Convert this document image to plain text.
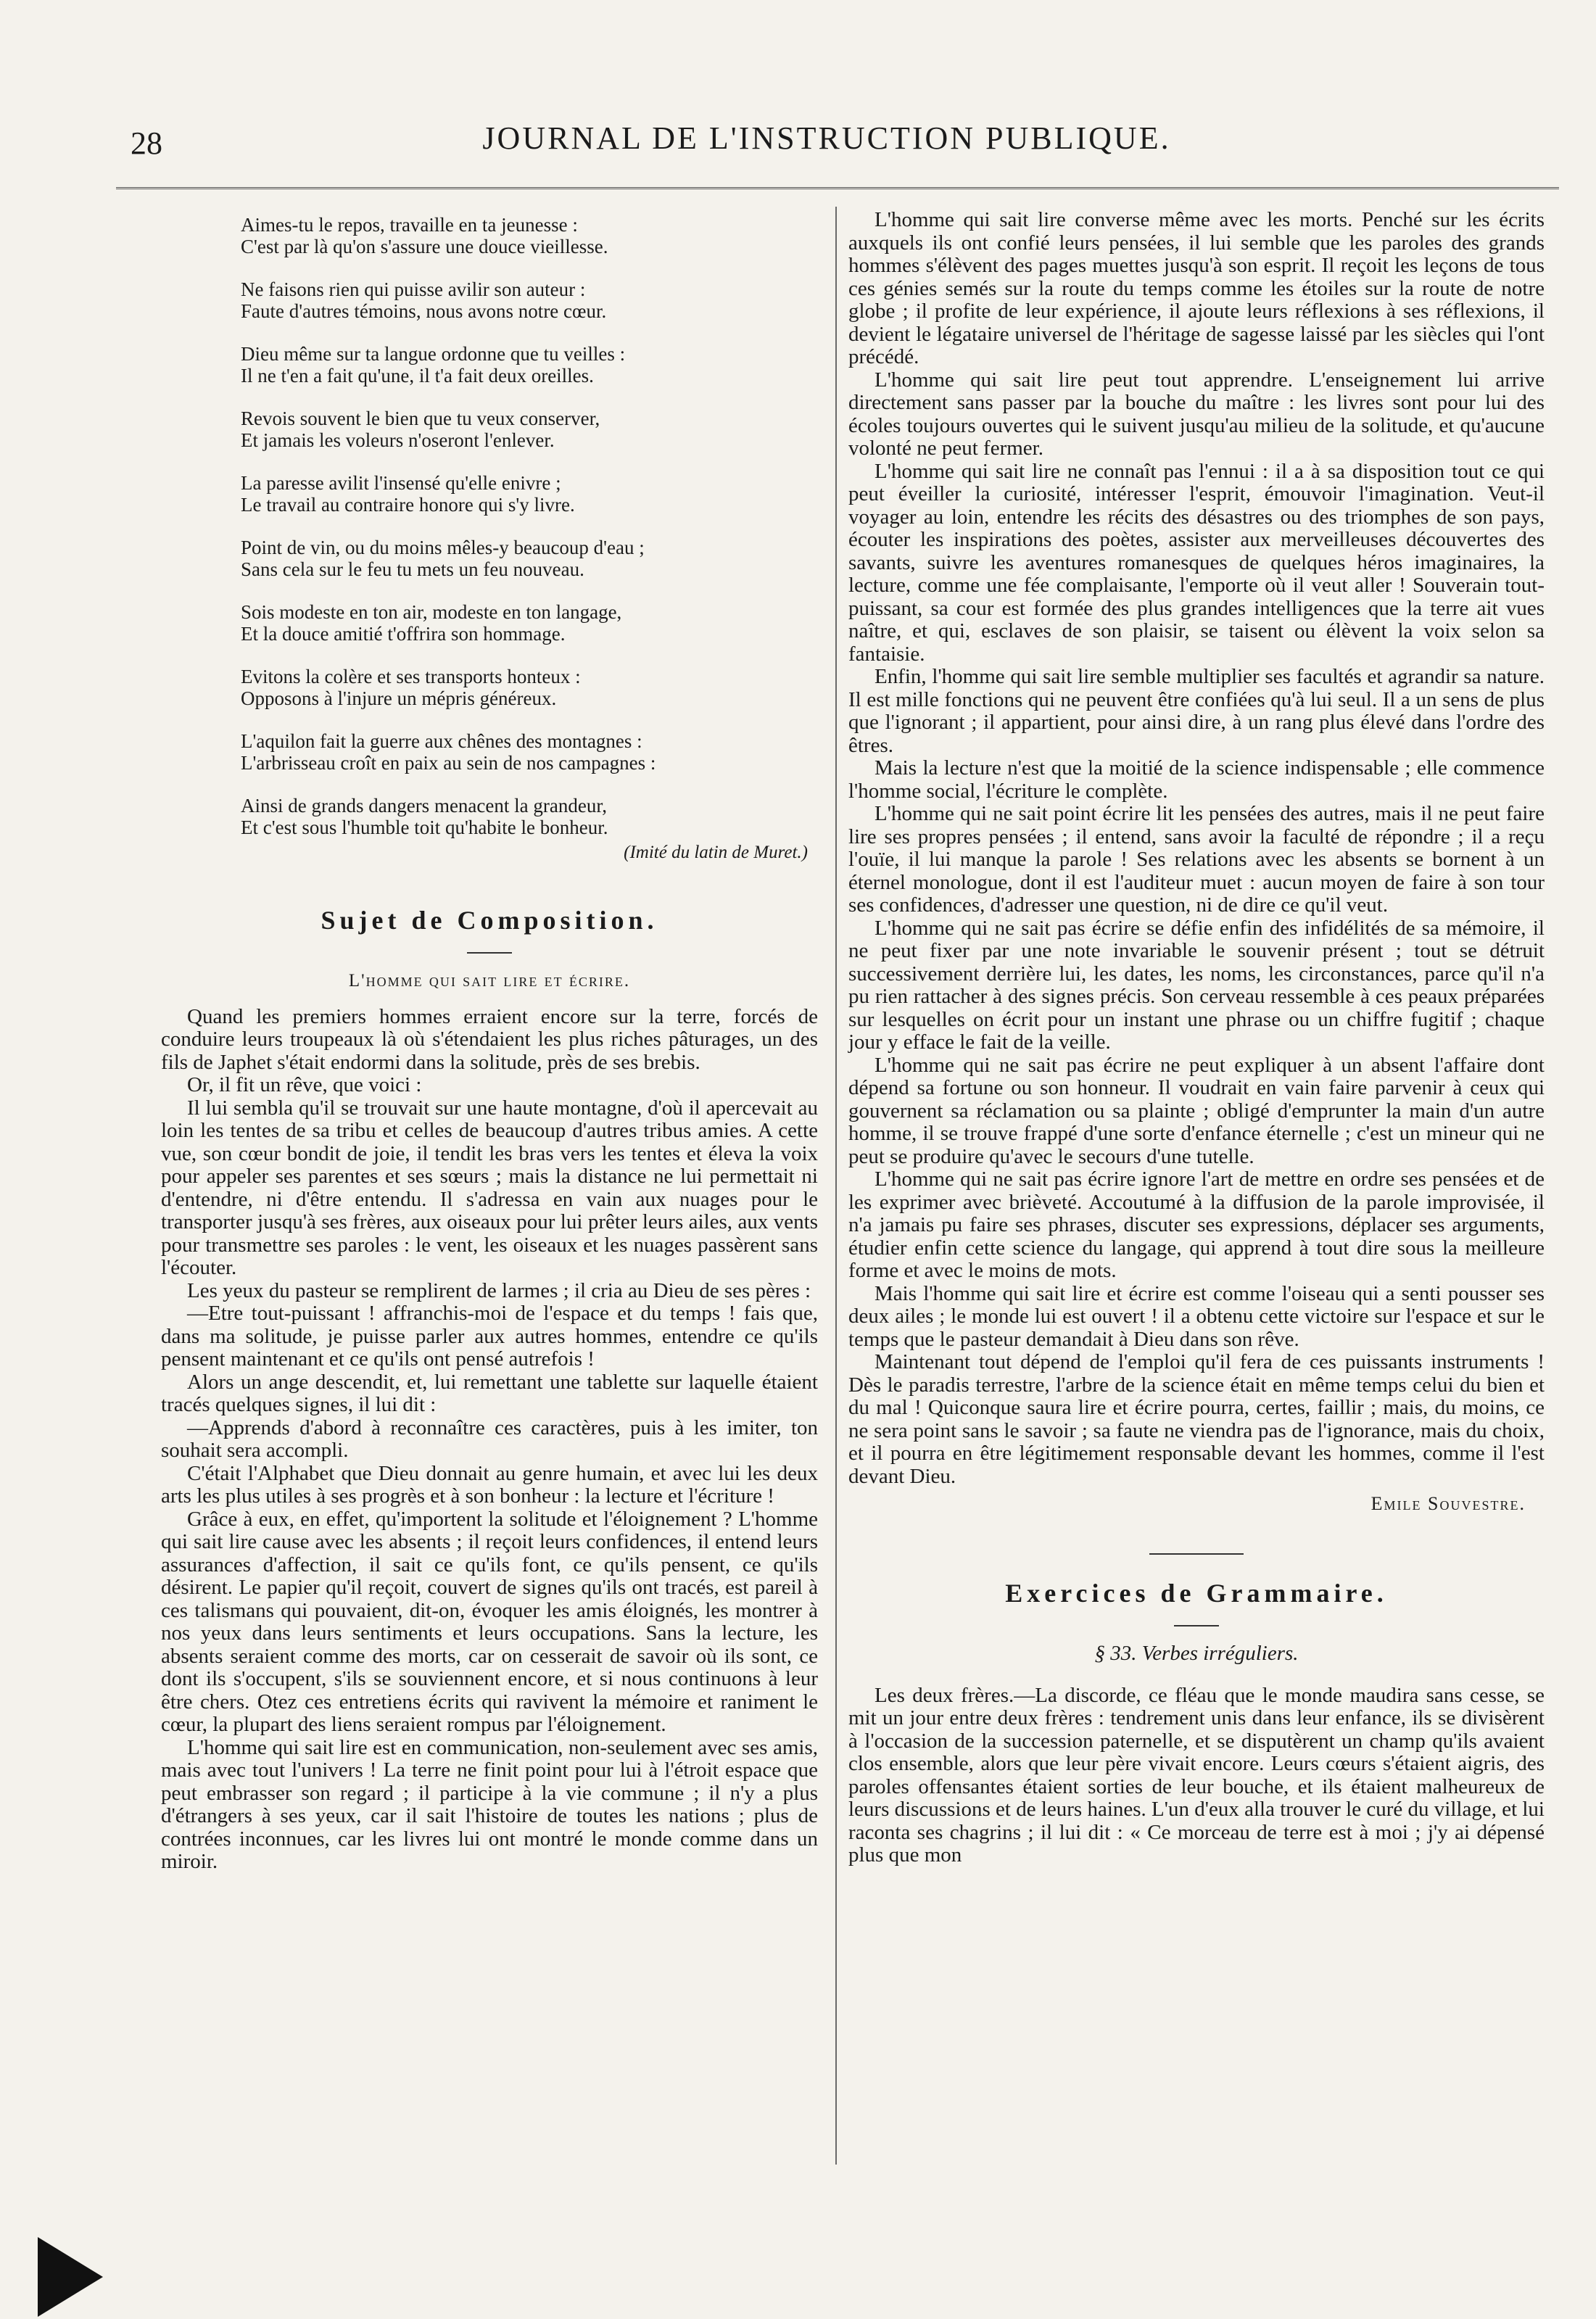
28	JOURNAL DE L'INSTRUCTION PUBLIQUE.
Aimes-tu le repos, travaille en ta jeunesse :
C'est par là qu'on s'assure une douce vieillesse.
Ne faisons rien qui puisse avilir son auteur :
Faute d'autres témoins, nous avons notre cœur.
Dieu même sur ta langue ordonne que tu veilles :
Il ne t'en a fait qu'une, il t'a fait deux oreilles.
Revois souvent le bien que tu veux conserver,
Et jamais les voleurs n'oseront l'enlever.
La paresse avilit l'insensé qu'elle enivre ;
Le travail au contraire honore qui s'y livre.
Point de vin, ou du moins mêles-y beaucoup d'eau ;
Sans cela sur le feu tu mets un feu nouveau.
Sois modeste en ton air, modeste en ton langage,
Et la douce amitié t'offrira son hommage.
Evitons la colère et ses transports honteux :
Opposons à l'injure un mépris généreux.
L'aquilon fait la guerre aux chênes des montagnes :
L'arbrisseau croît en paix au sein de nos campagnes :
Ainsi de grands dangers menacent la grandeur,
Et c'est sous l'humble toit qu'habite le bonheur.
(Imité du latin de Muret.)
Sujet de Composition.
L'homme qui sait lire et écrire.

Quand les premiers hommes erraient encore sur la terre, forcés de conduire leurs troupeaux là où s'étendaient les plus riches pâturages, un des fils de Japhet s'était endormi dans la solitude, près de ses brebis.

Or, il fit un rêve, que voici :

Il lui sembla qu'il se trouvait sur une haute montagne, d'où il apercevait au loin les tentes de sa tribu et celles de beaucoup d'autres tribus amies. A cette vue, son cœur bondit de joie, il tendit les bras vers les tentes et éleva la voix pour appeler ses parentes et ses sœurs ; mais la distance ne lui permettait ni d'entendre, ni d'être entendu. Il s'adressa en vain aux nuages pour le transporter jusqu'à ses frères, aux oiseaux pour lui prêter leurs ailes, aux vents pour transmettre ses paroles : le vent, les oiseaux et les nuages passèrent sans l'écouter.

Les yeux du pasteur se remplirent de larmes ; il cria au Dieu de ses pères :

—Etre tout-puissant ! affranchis-moi de l'espace et du temps ! fais que, dans ma solitude, je puisse parler aux autres hommes, entendre ce qu'ils pensent maintenant et ce qu'ils ont pensé autrefois !

Alors un ange descendit, et, lui remettant une tablette sur laquelle étaient tracés quelques signes, il lui dit :

—Apprends d'abord à reconnaître ces caractères, puis à les imiter, ton souhait sera accompli.

C'était l'Alphabet que Dieu donnait au genre humain, et avec lui les deux arts les plus utiles à ses progrès et à son bonheur : la lecture et l'écriture !

Grâce à eux, en effet, qu'importent la solitude et l'éloignement ? L'homme qui sait lire cause avec les absents ; il reçoit leurs confidences, il entend leurs assurances d'affection, il sait ce qu'ils font, ce qu'ils pensent, ce qu'ils désirent. Le papier qu'il reçoit, couvert de signes qu'ils ont tracés, est pareil à ces talismans qui pouvaient, dit-on, évoquer les amis éloignés, les montrer à nos yeux dans leurs sentiments et leurs occupations. Sans la lecture, les absents seraient comme des morts, car on cesserait de savoir où ils sont, ce dont ils s'occupent, s'ils se souviennent encore, et si nous continuons à leur être chers. Otez ces entretiens écrits qui ravivent la mémoire et raniment le cœur, la plupart des liens seraient rompus par l'éloignement.

L'homme qui sait lire est en communication, non-seulement avec ses amis, mais avec tout l'univers ! La terre ne finit point pour lui à l'étroit espace que peut embrasser son regard ; il participe à la vie commune ; il n'y a plus d'étrangers à ses yeux, car il sait l'histoire de toutes les nations ; plus de contrées inconnues, car les livres lui ont montré le monde comme dans un miroir.

L'homme qui sait lire converse même avec les morts. Penché sur les écrits auxquels ils ont confié leurs pensées, il lui semble que les paroles des grands hommes s'élèvent des pages muettes jusqu'à son esprit. Il reçoit les leçons de tous ces génies semés sur la route du temps comme les étoiles sur la route de notre globe ; il profite de leur expérience, il ajoute leurs réflexions à ses réflexions, il devient le légataire universel de l'héritage de sagesse laissé par les siècles qui l'ont précédé.

L'homme qui sait lire peut tout apprendre. L'enseignement lui arrive directement sans passer par la bouche du maître : les livres sont pour lui des écoles toujours ouvertes qui le suivent jusqu'au milieu de la solitude, et qu'aucune volonté ne peut fermer.

L'homme qui sait lire ne connaît pas l'ennui : il a à sa disposition tout ce qui peut éveiller la curiosité, intéresser l'esprit, émouvoir l'imagination. Veut-il voyager au loin, entendre les récits des désastres ou des triomphes de son pays, écouter les inspirations des poètes, assister aux merveilleuses découvertes des savants, suivre les aventures romanesques de quelques héros imaginaires, la lecture, comme une fée complaisante, l'emporte où il veut aller ! Souverain tout-puissant, sa cour est formée des plus grandes intelligences que la terre ait vues naître, et qui, esclaves de son plaisir, se taisent ou élèvent la voix selon sa fantaisie.

Enfin, l'homme qui sait lire semble multiplier ses facultés et agrandir sa nature. Il est mille fonctions qui ne peuvent être confiées qu'à lui seul. Il a un sens de plus que l'ignorant ; il appartient, pour ainsi dire, à un rang plus élevé dans l'ordre des êtres.

Mais la lecture n'est que la moitié de la science indispensable ; elle commence l'homme social, l'écriture le complète.

L'homme qui ne sait point écrire lit les pensées des autres, mais il ne peut faire lire ses propres pensées ; il entend, sans avoir la faculté de répondre ; il a reçu l'ouïe, il lui manque la parole ! Ses relations avec les absents se bornent à un éternel monologue, dont il est l'auditeur muet : aucun moyen de faire à son tour ses confidences, d'adresser une question, ni de dire ce qu'il veut.

L'homme qui ne sait pas écrire se défie enfin des infidélités de sa mémoire, il ne peut fixer par une note invariable le souvenir présent ; tout se détruit successivement derrière lui, les dates, les noms, les circonstances, parce qu'il n'a pu rien rattacher à des signes précis. Son cerveau ressemble à ces peaux préparées sur lesquelles on écrit pour un instant une phrase ou un chiffre fugitif ; chaque jour y efface le fait de la veille.

L'homme qui ne sait pas écrire ne peut expliquer à un absent l'affaire dont dépend sa fortune ou son honneur. Il voudrait en vain faire parvenir à ceux qui gouvernent sa réclamation ou sa plainte ; obligé d'emprunter la main d'un autre homme, il se trouve frappé d'une sorte d'enfance éternelle ; c'est un mineur qui ne peut se produire qu'avec le secours d'une tutelle.

L'homme qui ne sait pas écrire ignore l'art de mettre en ordre ses pensées et de les exprimer avec brièveté. Accoutumé à la diffusion de la parole improvisée, il n'a jamais pu faire ses phrases, discuter ses expressions, déplacer ses arguments, étudier enfin cette science du langage, qui apprend à tout dire sous la meilleure forme et avec le moins de mots.

Mais l'homme qui sait lire et écrire est comme l'oiseau qui a senti pousser ses deux ailes ; le monde lui est ouvert ! il a obtenu cette victoire sur l'espace et sur le temps que le pasteur demandait à Dieu dans son rêve.

Maintenant tout dépend de l'emploi qu'il fera de ces puissants instruments ! Dès le paradis terrestre, l'arbre de la science était en même temps celui du bien et du mal ! Quiconque saura lire et écrire pourra, certes, faillir ; mais, du moins, ce ne sera point sans le savoir ; sa faute ne viendra pas de l'ignorance, mais du choix, et il pourra en être légitimement responsable devant les hommes, comme il l'est devant Dieu.

Emile Souvestre.
Exercices de Grammaire.
§ 33. Verbes irréguliers.

Les deux frères.—La discorde, ce fléau que le monde maudira sans cesse, se mit un jour entre deux frères : tendrement unis dans leur enfance, ils se divisèrent à l'occasion de la succession paternelle, et se disputèrent un champ qu'ils avaient clos ensemble, alors que leur père vivait encore. Leurs cœurs s'étaient aigris, des paroles offensantes étaient sorties de leur bouche, et ils étaient malheureux de leurs discussions et de leurs haines. L'un d'eux alla trouver le curé du village, et lui raconta ses chagrins ; il lui dit : « Ce morceau de terre est à moi ; j'y ai dépensé plus que mon
